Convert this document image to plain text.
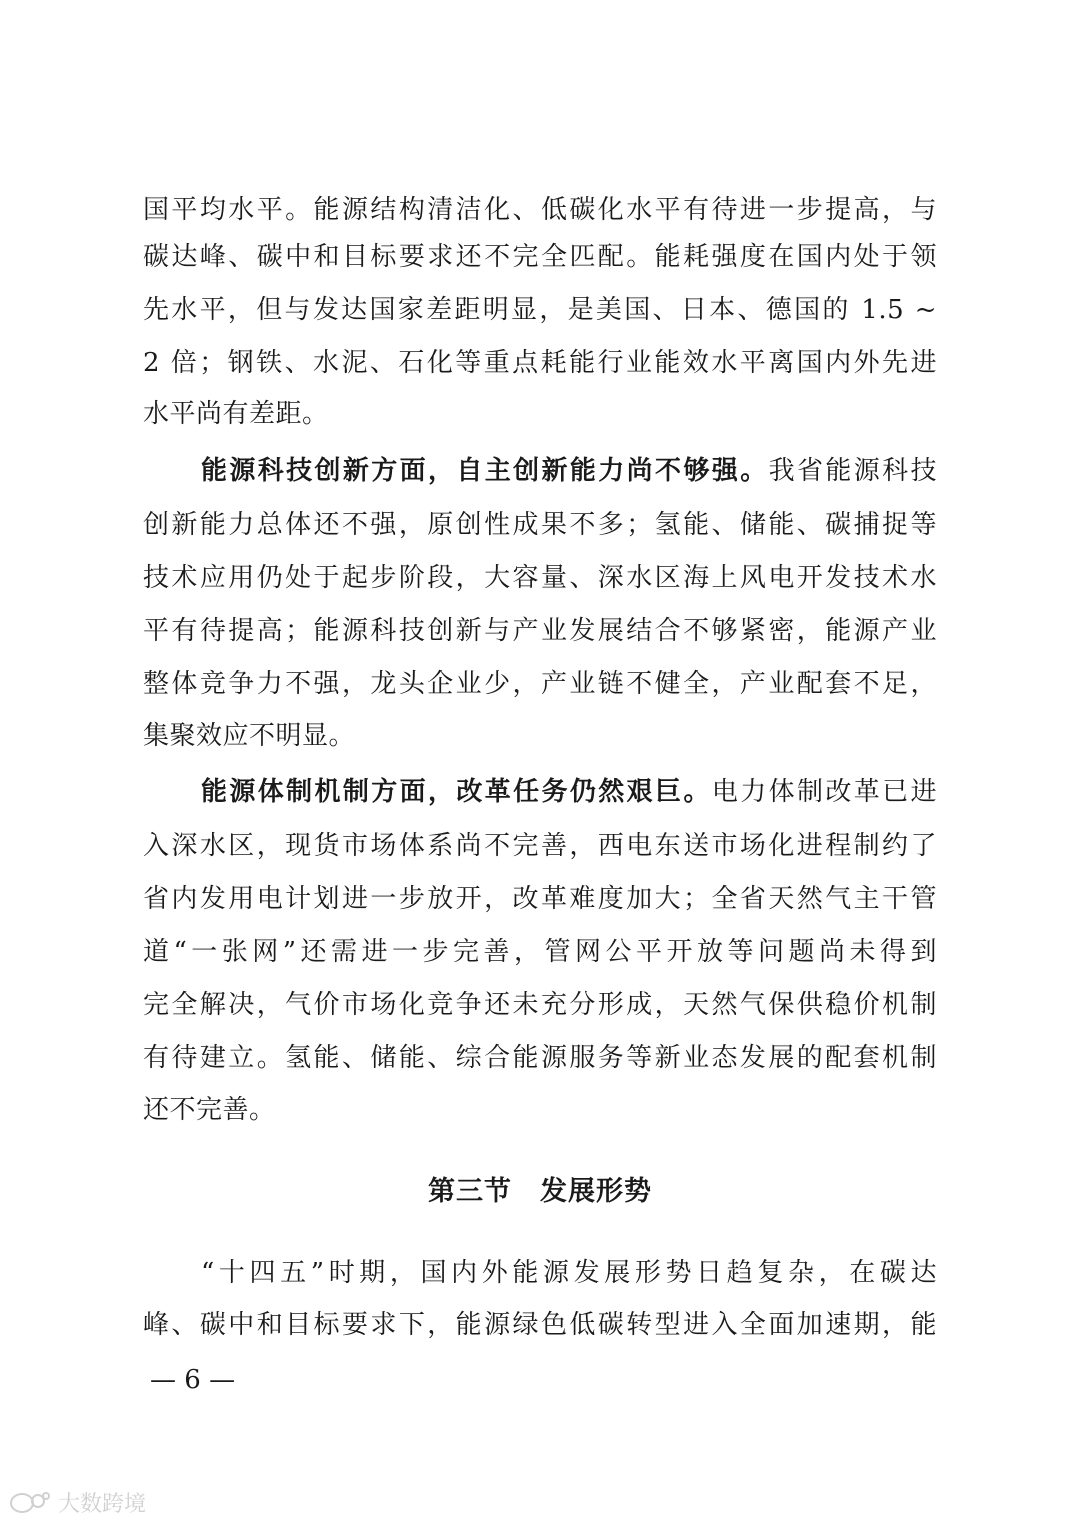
国平均水平。能源结构清洁化、低碳化水平有待进一步提高，与
碳达峰、碳中和目标要求还不完全匹配。能耗强度在国内处于领
先水平，但与发达国家差距明显，是美国、日本、德国的 1.5 ~
2 倍；钢铁、水泥、石化等重点耗能行业能效水平离国内外先进
水平尚有差距。
能源科技创新方面，自主创新能力尚不够强。我省能源科技
创新能力总体还不强，原创性成果不多；氢能、储能、碳捕捉等
技术应用仍处于起步阶段，大容量、深水区海上风电开发技术水
平有待提高；能源科技创新与产业发展结合不够紧密，能源产业
整体竞争力不强，龙头企业少，产业链不健全，产业配套不足，
集聚效应不明显。
能源体制机制方面，改革任务仍然艰巨。电力体制改革已进
入深水区，现货市场体系尚不完善，西电东送市场化进程制约了
省内发用电计划进一步放开，改革难度加大；全省天然气主干管
道“一张网”还需进一步完善，管网公平开放等问题尚未得到
完全解决，气价市场化竞争还未充分形成，天然气保供稳价机制
有待建立。氢能、储能、综合能源服务等新业态发展的配套机制
还不完善。
第三节 发展形势
“十四五”时期，国内外能源发展形势日趋复杂，在碳达
峰、碳中和目标要求下，能源绿色低碳转型进入全面加速期，能
— 6 —
大数跨境
